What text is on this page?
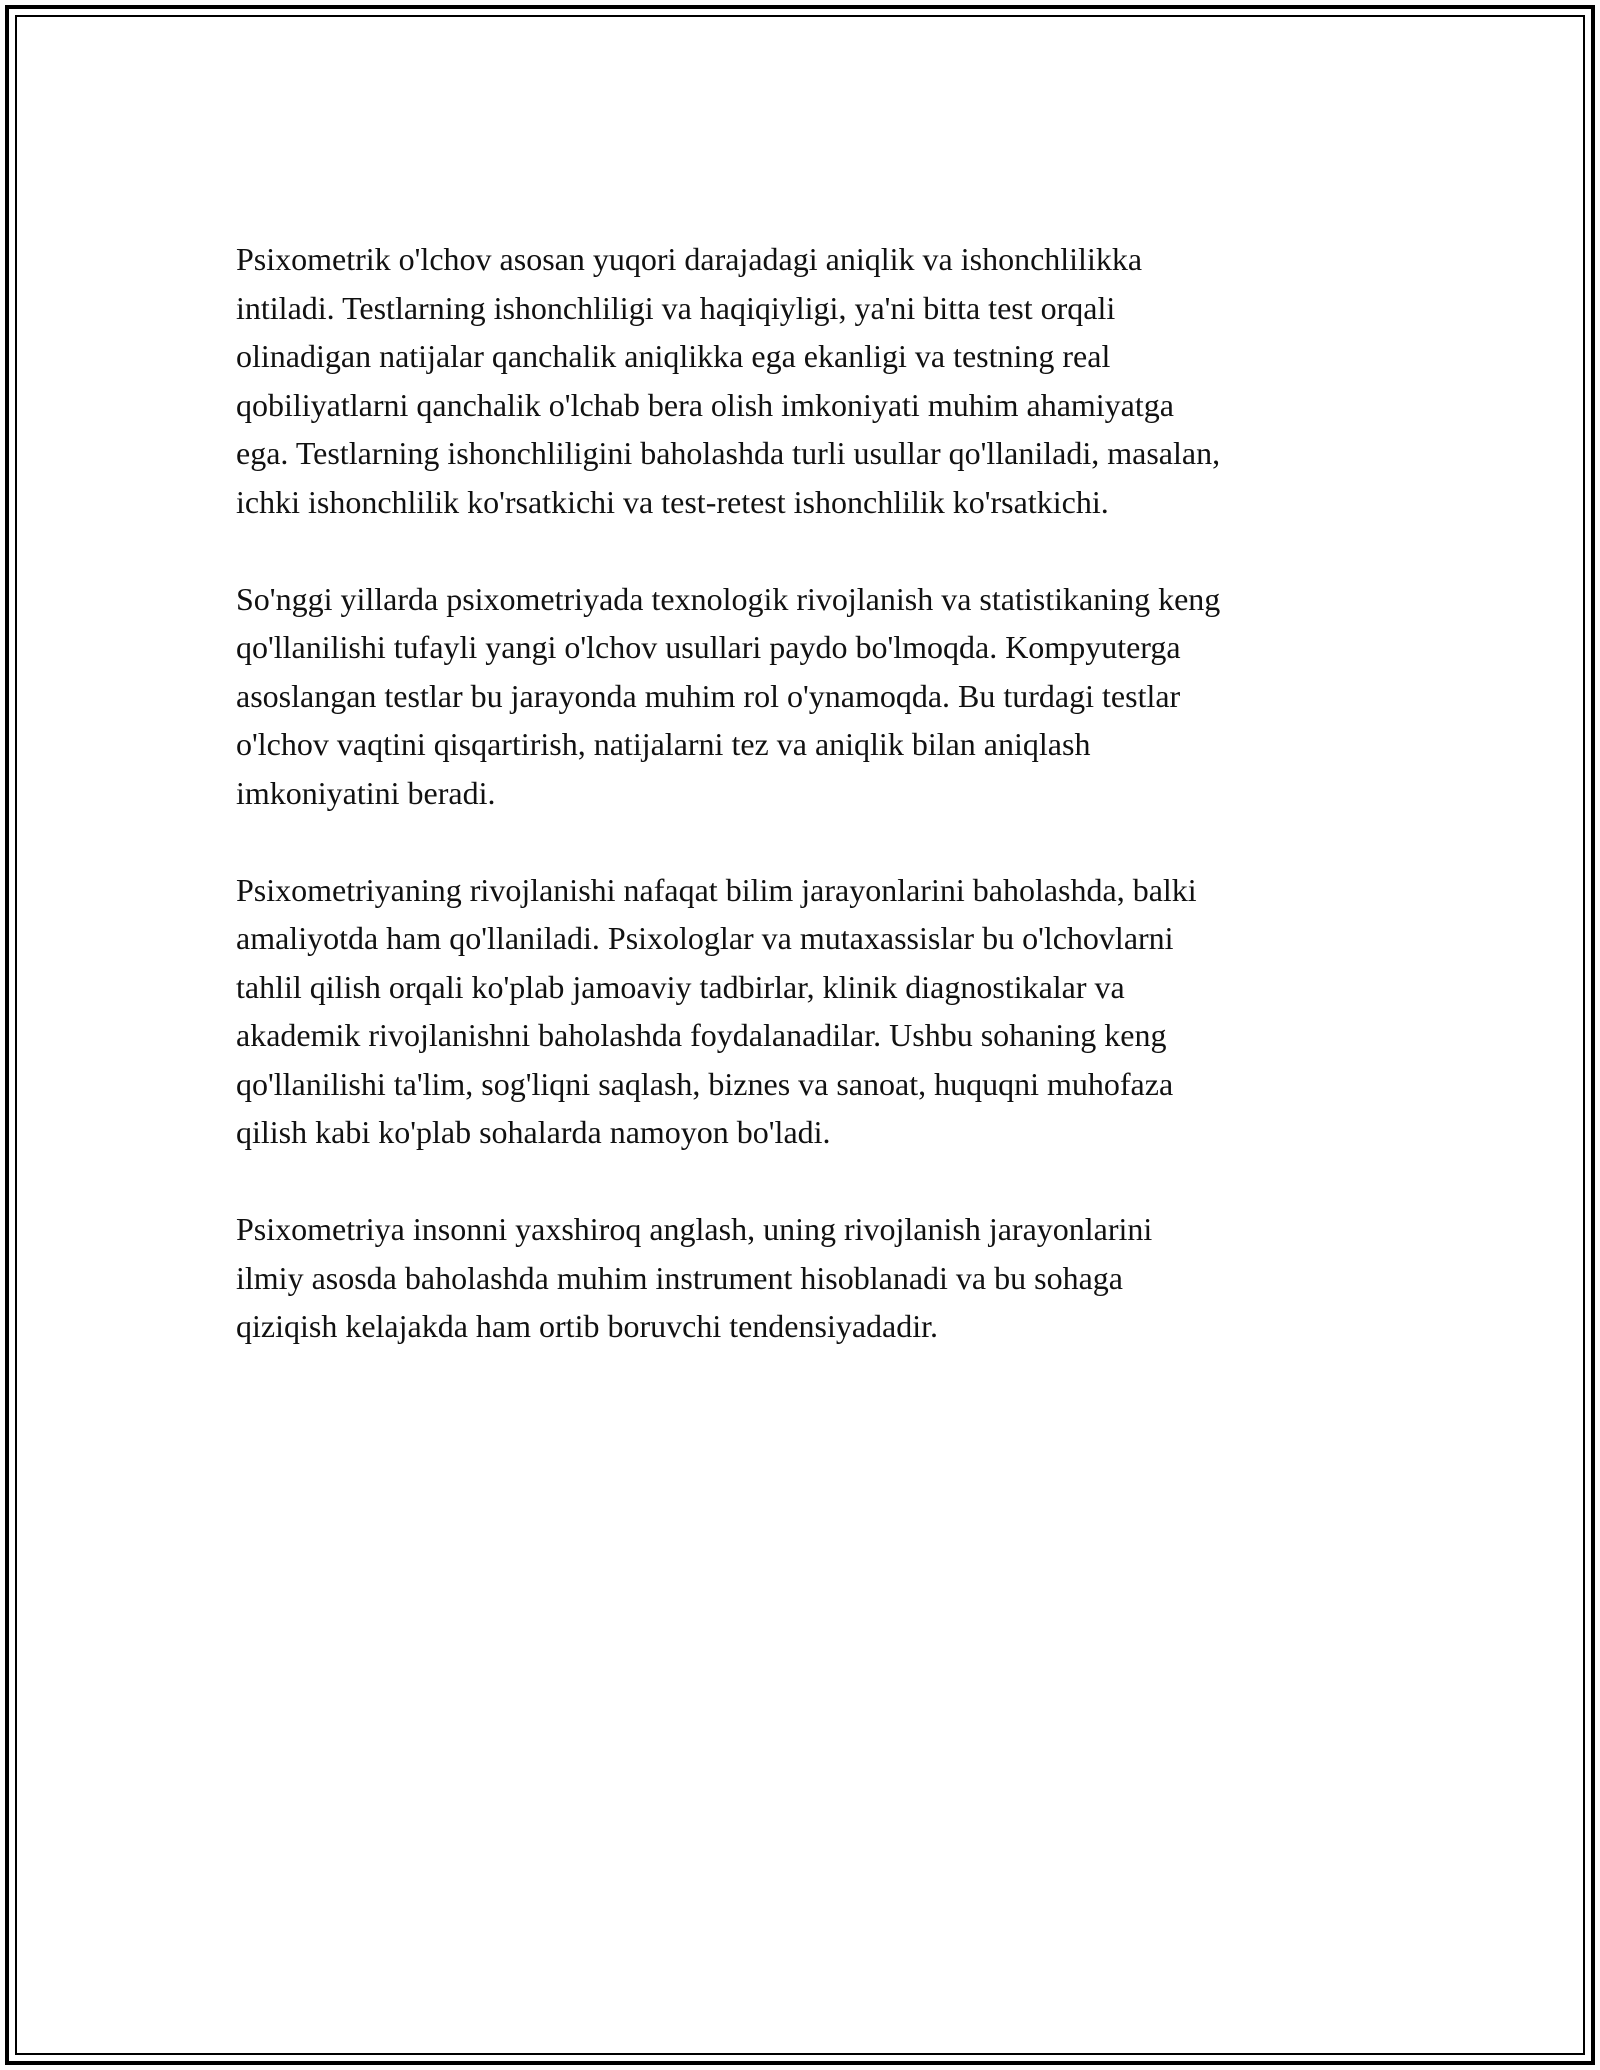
Psixometrik o'lchov asosan yuqori darajadagi aniqlik va ishonchlilikka
intiladi. Testlarning ishonchliligi va haqiqiyligi, ya'ni bitta test orqali
olinadigan natijalar qanchalik aniqlikka ega ekanligi va testning real
qobiliyatlarni qanchalik o'lchab bera olish imkoniyati muhim ahamiyatga
ega. Testlarning ishonchliligini baholashda turli usullar qo'llaniladi, masalan,
ichki ishonchlilik ko'rsatkichi va test-retest ishonchlilik ko'rsatkichi.

So'nggi yillarda psixometriyada texnologik rivojlanish va statistikaning keng
qo'llanilishi tufayli yangi o'lchov usullari paydo bo'lmoqda. Kompyuterga
asoslangan testlar bu jarayonda muhim rol o'ynamoqda. Bu turdagi testlar
o'lchov vaqtini qisqartirish, natijalarni tez va aniqlik bilan aniqlash
imkoniyatini beradi.

Psixometriyaning rivojlanishi nafaqat bilim jarayonlarini baholashda, balki
amaliyotda ham qo'llaniladi. Psixologlar va mutaxassislar bu o'lchovlarni
tahlil qilish orqali ko'plab jamoaviy tadbirlar, klinik diagnostikalar va
akademik rivojlanishni baholashda foydalanadilar. Ushbu sohaning keng
qo'llanilishi ta'lim, sog'liqni saqlash, biznes va sanoat, huquqni muhofaza
qilish kabi ko'plab sohalarda namoyon bo'ladi.

Psixometriya insonni yaxshiroq anglash, uning rivojlanish jarayonlarini
ilmiy asosda baholashda muhim instrument hisoblanadi va bu sohaga
qiziqish kelajakda ham ortib boruvchi tendensiyadadir.
